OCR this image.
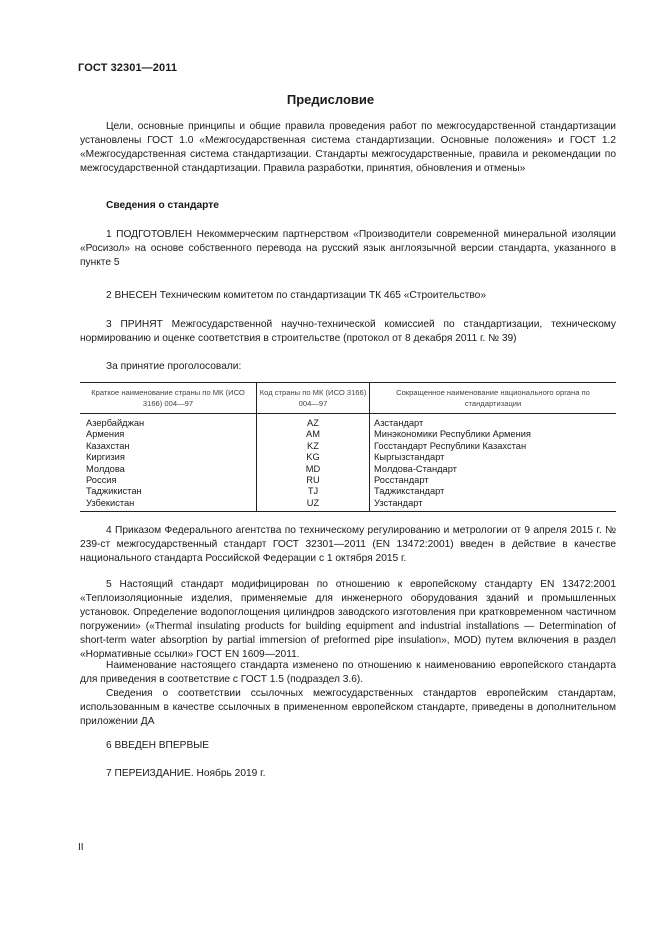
ГОСТ 32301—2011
Предисловие
Цели, основные принципы и общие правила проведения работ по межгосударственной стандартизации установлены ГОСТ 1.0 «Межгосударственная система стандартизации. Основные положения» и ГОСТ 1.2 «Межгосударственная система стандартизации. Стандарты межгосударственные, правила и рекомендации по межгосударственной стандартизации. Правила разработки, принятия, обновления и отмены»
Сведения о стандарте
1 ПОДГОТОВЛЕН Некоммерческим партнерством «Производители современной минеральной изоляции «Росизол» на основе собственного перевода на русский язык англоязычной версии стандарта, указанного в пункте 5
2 ВНЕСЕН Техническим комитетом по стандартизации ТК 465 «Строительство»
3 ПРИНЯТ Межгосударственной научно-технической комиссией по стандартизации, техническому нормированию и оценке соответствия в строительстве (протокол от 8 декабря 2011 г. № 39)
За принятие проголосовали:
Краткое наименование страны по МК (ИСО 3166) 004—97	Код страны по МК (ИСО 3166) 004—97	Сокращенное наименование национального органа по стандартизации
Азербайджан	AZ	Азстандарт
Армения	AM	Минэкономики Республики Армения
Казахстан	KZ	Госстандарт Республики Казахстан
Киргизия	KG	Кыргызстандарт
Молдова	MD	Молдова-Стандарт
Россия	RU	Росстандарт
Таджикистан	TJ	Таджикстандарт
Узбекистан	UZ	Узстандарт
4 Приказом Федерального агентства по техническому регулированию и метрологии от 9 апреля 2015 г. № 239-ст межгосударственный стандарт ГОСТ 32301—2011 (EN 13472:2001) введен в действие в качестве национального стандарта Российской Федерации с 1 октября 2015 г.
5 Настоящий стандарт модифицирован по отношению к европейскому стандарту EN 13472:2001 «Теплоизоляционные изделия, применяемые для инженерного оборудования зданий и промышленных установок. Определение водопоглощения цилиндров заводского изготовления при кратковременном частичном погружении» («Thermal insulating products for building equipment and industrial installations — Determination of short-term water absorption by partial immersion of preformed pipe insulation», MOD) путем включения в раздел «Нормативные ссылки» ГОСТ EN 1609—2011.
Наименование настоящего стандарта изменено по отношению к наименованию европейского стандарта для приведения в соответствие с ГОСТ 1.5 (подраздел 3.6).
Сведения о соответствии ссылочных межгосударственных стандартов европейским стандартам, использованным в качестве ссылочных в примененном европейском стандарте, приведены в дополнительном приложении ДА
6 ВВЕДЕН ВПЕРВЫЕ
7 ПЕРЕИЗДАНИЕ. Ноябрь 2019 г.
II
